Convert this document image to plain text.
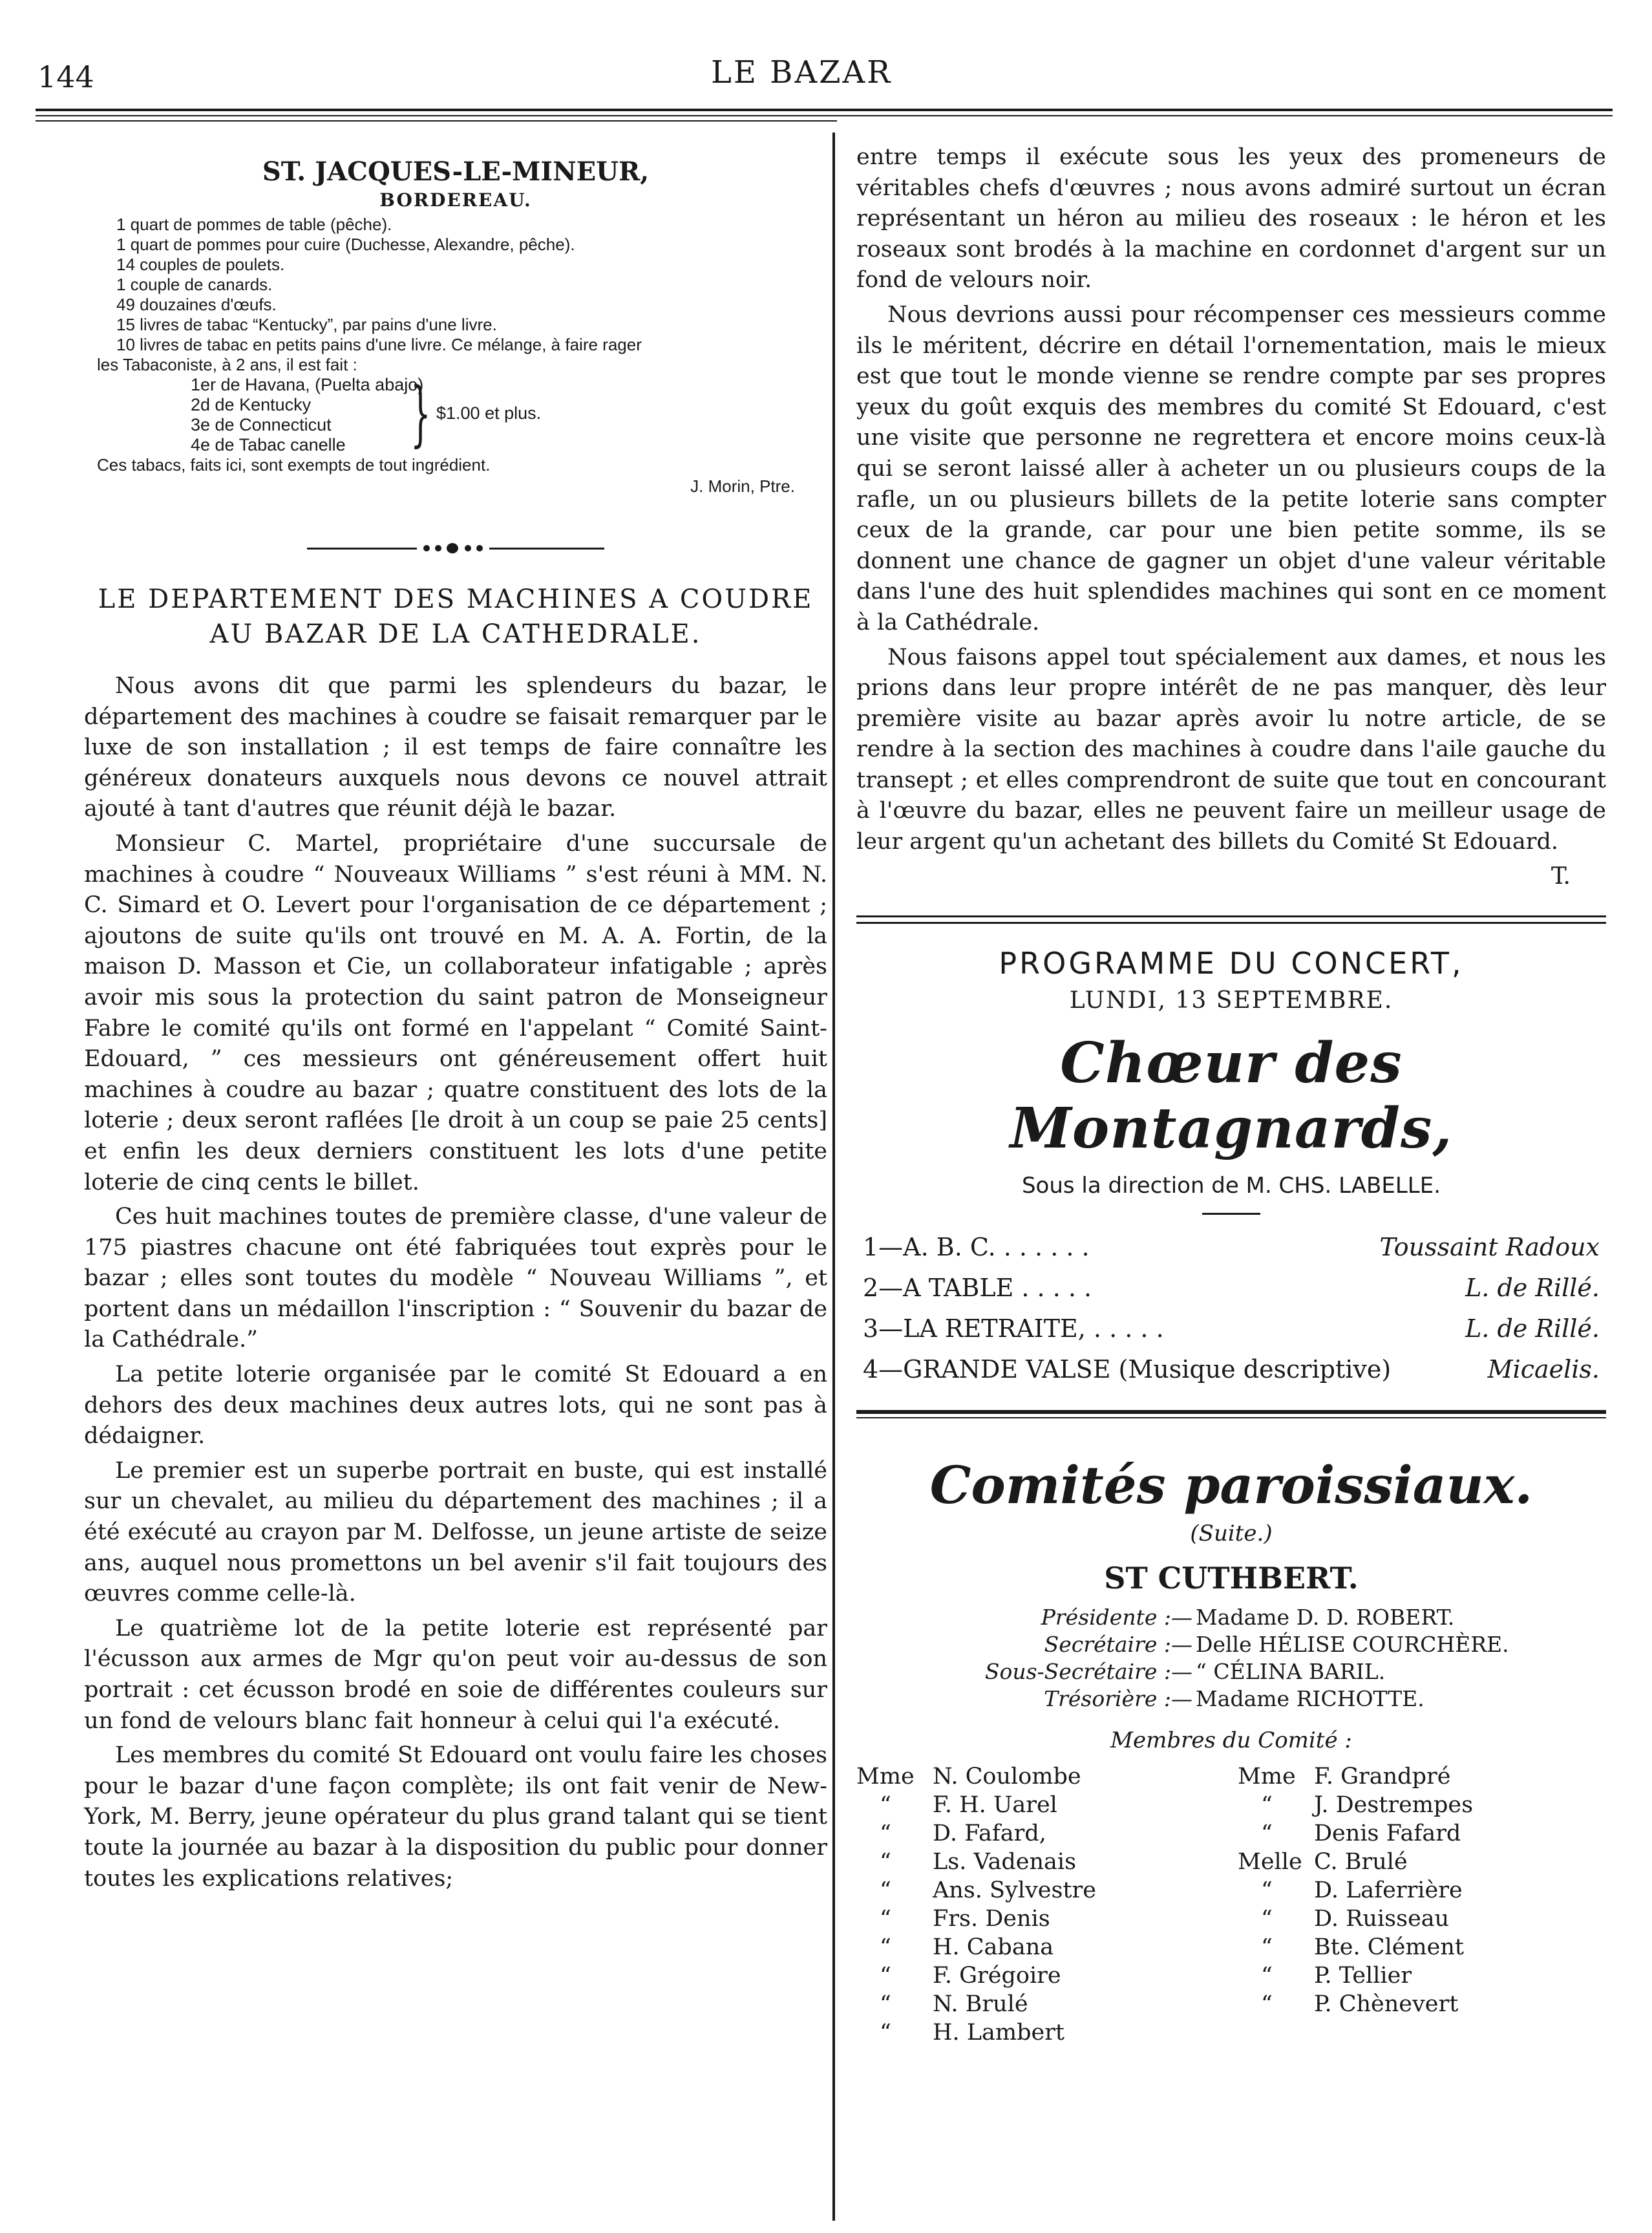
144	LE BAZAR
ST. JACQUES-LE-MINEUR,
BORDEREAU.
1 quart de pommes de table (pêche).
1 quart de pommes pour cuire (Duchesse, Alexandre, pêche).
14 couples de poulets.
1 couple de canards.
49 douzaines d'œufs.
15 livres de tabac “Kentucky”, par pains d'une livre.
10 livres de tabac en petits pains d'une livre. Ce mélange, à faire rager
les Tabaconiste, à 2 ans, il est fait :
1er de Havana, (Puelta abajo)
2d de Kentucky
3e de Connecticut
4e de Tabac canelle } $1.00 et plus.
Ces tabacs, faits ici, sont exempts de tout ingrédient.
J. Morin, Ptre.
LE DEPARTEMENT DES MACHINES A COUDRE
AU BAZAR DE LA CATHEDRALE.

Nous avons dit que parmi les splendeurs du bazar, le département des machines à coudre se faisait remarquer par le luxe de son installation ; il est temps de faire connaître les généreux donateurs auxquels nous devons ce nouvel attrait ajouté à tant d'autres que réunit déjà le bazar.

Monsieur C. Martel, propriétaire d'une succursale de machines à coudre “ Nouveaux Williams ” s'est réuni à MM. N. C. Simard et O. Levert pour l'organisation de ce département ; ajoutons de suite qu'ils ont trouvé en M. A. A. Fortin, de la maison D. Masson et Cie, un collaborateur infatigable ; après avoir mis sous la protection du saint patron de Monseigneur Fabre le comité qu'ils ont formé en l'appelant “ Comité Saint-Edouard, ” ces messieurs ont généreusement offert huit machines à coudre au bazar ; quatre constituent des lots de la loterie ; deux seront raflées [le droit à un coup se paie 25 cents] et enfin les deux derniers constituent les lots d'une petite loterie de cinq cents le billet.

Ces huit machines toutes de première classe, d'une valeur de 175 piastres chacune ont été fabriquées tout exprès pour le bazar ; elles sont toutes du modèle “ Nouveau Williams ”, et portent dans un médaillon l'inscription : “ Souvenir du bazar de la Cathédrale.”

La petite loterie organisée par le comité St Edouard a en dehors des deux machines deux autres lots, qui ne sont pas à dédaigner.

Le premier est un superbe portrait en buste, qui est installé sur un chevalet, au milieu du département des machines ; il a été exécuté au crayon par M. Delfosse, un jeune artiste de seize ans, auquel nous promettons un bel avenir s'il fait toujours des œuvres comme celle-là.

Le quatrième lot de la petite loterie est représenté par l'écusson aux armes de Mgr qu'on peut voir au-dessus de son portrait : cet écusson brodé en soie de différentes couleurs sur un fond de velours blanc fait honneur à celui qui l'a exécuté.

Les membres du comité St Edouard ont voulu faire les choses pour le bazar d'une façon complète; ils ont fait venir de New-York, M. Berry, jeune opérateur du plus grand talant qui se tient toute la journée au bazar à la disposition du public pour donner toutes les explications relatives;

entre temps il exécute sous les yeux des promeneurs de véritables chefs d'œuvres ; nous avons admiré surtout un écran représentant un héron au milieu des roseaux : le héron et les roseaux sont brodés à la machine en cordonnet d'argent sur un fond de velours noir.

Nous devrions aussi pour récompenser ces messieurs comme ils le méritent, décrire en détail l'ornementation, mais le mieux est que tout le monde vienne se rendre compte par ses propres yeux du goût exquis des membres du comité St Edouard, c'est une visite que personne ne regrettera et encore moins ceux-là qui se seront laissé aller à acheter un ou plusieurs coups de la rafle, un ou plusieurs billets de la petite loterie sans compter ceux de la grande, car pour une bien petite somme, ils se donnent une chance de gagner un objet d'une valeur véritable dans l'une des huit splendides machines qui sont en ce moment à la Cathédrale.

Nous faisons appel tout spécialement aux dames, et nous les prions dans leur propre intérêt de ne pas manquer, dès leur première visite au bazar après avoir lu notre article, de se rendre à la section des machines à coudre dans l'aile gauche du transept ; et elles comprendront de suite que tout en concourant à l'œuvre du bazar, elles ne peuvent faire un meilleur usage de leur argent qu'un achetant des billets du Comité St Edouard.

T.
PROGRAMME DU CONCERT,
LUNDI, 13 SEPTEMBRE.
Chœur des Montagnards,
Sous la direction de M. CHS. LABELLE.
1—A. B. C. . . . . . .	Toussaint Radoux
2—A TABLE . . . . .	L. de Rillé.
3—LA RETRAITE, . . . . .	L. de Rillé.
4—GRANDE VALSE (Musique descriptive)	Micaelis.
Comités paroissiaux.
(Suite.)
ST CUTHBERT.
Présidente :— Madame D. D. ROBERT.
Secrétaire :— Delle HÉLISE COURCHÈRE.
Sous-Secrétaire :— “ CÉLINA BARIL.
Trésorière :— Madame RICHOTTE.
Membres du Comité :
Mme N. Coulombe
“ F. H. Uarel
“ D. Fafard,
“ Ls. Vadenais
“ Ans. Sylvestre
“ Frs. Denis
“ H. Cabana
“ F. Grégoire
“ N. Brulé
“ H. Lambert
Mme F. Grandpré
“ J. Destrempes
“ Denis Fafard
Melle C. Brulé
“ D. Laferrière
“ D. Ruisseau
“ Bte. Clément
“ P. Tellier
“ P. Chènevert
